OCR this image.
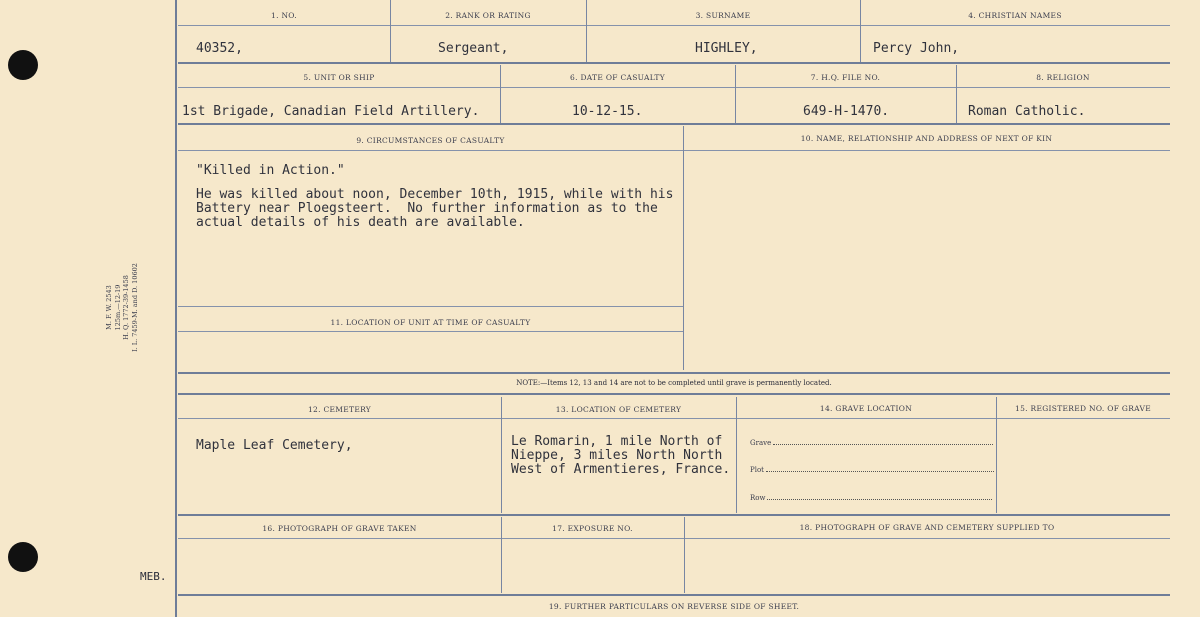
M. F. W. 2543 125m.—12-19 H. Q. 1772-39-1458 I. L. 7459-M. and D. 10602
MEB.
1. NO.	2. RANK OR RATING	3. SURNAME	4. CHRISTIAN NAMES
40352,	Sergeant,	HIGHLEY,	Percy John,
5. UNIT OR SHIP	6. DATE OF CASUALTY	7. H.Q. FILE NO.	8. RELIGION
1st Brigade, Canadian Field Artillery.	10-12-15.	649-H-1470.	Roman Catholic.
9. CIRCUMSTANCES OF CASUALTY	10. NAME, RELATIONSHIP AND ADDRESS OF NEXT OF KIN
"Killed in Action."
He was killed about noon, December 10th, 1915, while with his
Battery near Ploegsteert.  No further information as to the
actual details of his death are available.
11. LOCATION OF UNIT AT TIME OF CASUALTY
NOTE:—Items 12, 13 and 14 are not to be completed until grave is permanently located.
12. CEMETERY	13. LOCATION OF CEMETERY	14. GRAVE LOCATION	15. REGISTERED NO. OF GRAVE
Maple Leaf Cemetery,	Le Romarin, 1 mile North of
Nieppe, 3 miles North North
West of Armentieres, France.
Grave
Plot
Row
16. PHOTOGRAPH OF GRAVE TAKEN	17. EXPOSURE NO.	18. PHOTOGRAPH OF GRAVE AND CEMETERY SUPPLIED TO
19. FURTHER PARTICULARS ON REVERSE SIDE OF SHEET.
